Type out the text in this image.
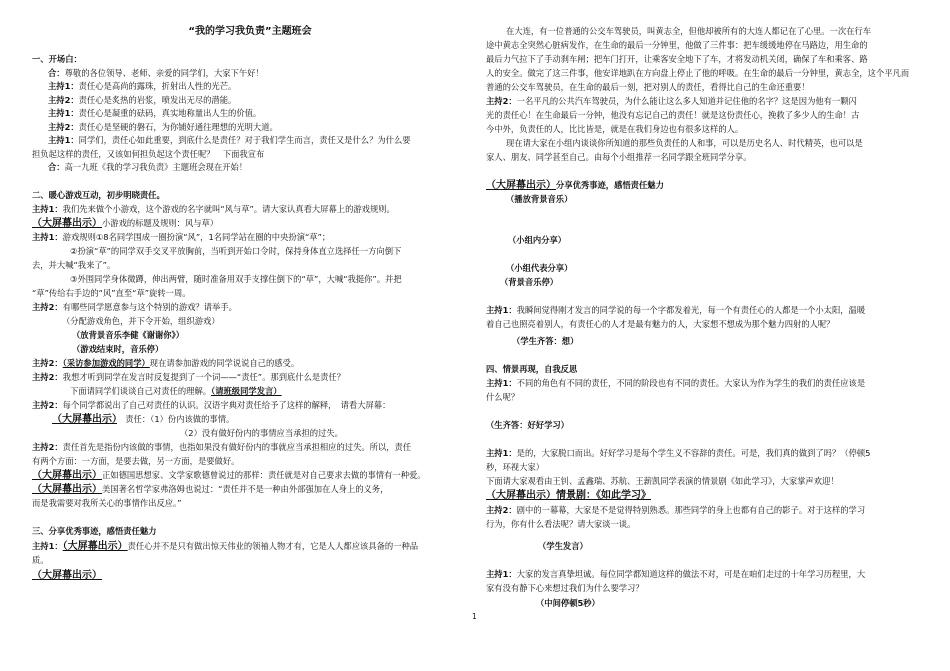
“我的学习我负责”主题班会
一、开场白：
合：尊敬的各位领导、老师、亲爱的同学们，大家下午好！
主持1：责任心是高尚的露珠，折射出人性的光芒。
主持2：责任心是炙热的岩浆，喷发出无尽的潜能。
主持1：责任心是凝重的砝码，真实地称量出人生的价值。
主持2：责任心是坚硬的磐石，为你铺好通往理想的光明大道。
主持1：同学们，责任心如此重要，到底什么是责任？对于我们学生而言，责任又是什么？为什么要
担负起这样的责任，又该如何担负起这个责任呢？　下面我宣布
合：高一九班《我的学习我负责》主题班会现在开始！
二、暖心游戏互动，初步明晓责任。
主持1：我们先来做个小游戏，这个游戏的名字就叫“风与草”。请大家认真看大屏幕上的游戏规则。
（大屏幕出示）小游戏的标题及规则：风与草）
主持1：游戏规则①8名同学围成一圈扮演“风”，1名同学站在圈的中央扮演“草”；
②扮演“草”的同学双手交叉平放胸前，当听到开始口令时，保持身体直立选择任一方向倒下
去，并大喊“我来了”。
③外围同学身体微蹲，伸出两臂，随时准备用双手支撑住倒下的“草”，大喊“我挺你”。并把
“草”传给右手边的“风”直至“草”旋转一周。
主持2：有哪些同学愿意参与这个特别的游戏？请举手。
（分配游戏角色，并下令开始，组织游戏）
（放背景音乐李健《谢谢你》）
（游戏结束时，音乐停）
主持2：（采访参加游戏的同学）现在请参加游戏的同学说说自己的感受。
主持2：我想才听到同学在发言时反复提到了一个词——“责任”。那到底什么是责任？
下面请同学们谈谈自己对责任的理解。（请班级同学发言）
主持2：每个同学都说出了自己对责任的认识。汉语字典对责任给予了这样的解释，　请看大屏幕：
（大屏幕出示）　责任：（1）份内该做的事情。
（2）没有做好份内的事情应当承担的过失。
主持2：责任首先是指份内该做的事情，也指如果没有做好份内的事就应当承担相应的过失。所以，责任
有两个方面：一方面，是要去做，另一方面，是要做好。
（大屏幕出示）正如德国思想家、文学家歌德曾说过的那样：责任就是对自己要求去做的事情有一种爱。
（大屏幕出示）美国著名哲学家弗洛姆也说过：“责任并不是一种由外部强加在人身上的义务，
而是我需要对我所关心的事情作出反应。”
三、分享优秀事迹，感悟责任魅力
主持1：（大屏幕出示）责任心并不是只有做出惊天伟业的领袖人物才有，它是人人都应该具备的一种品
质。
（大屏幕出示）
在大连，有一位普通的公交车驾驶员，叫黄志全，但他却被所有的大连人都记在了心里。一次在行车
途中黄志全突然心脏病发作，在生命的最后一分钟里，他做了三件事：把车缓缓地停在马路边，用生命的
最后力气拉下了手动刹车闸；把车门打开，让乘客安全地下了车，才将发动机关闭，确保了车和乘客、路
人的安全。做完了这三件事，他安详地趴在方向盘上停止了他的呼吸。在生命的最后一分钟里，黄志全，这个平凡而
普通的公交车驾驶员，在生命的最后一刻，把对别人的责任，看得比自己的生命还重要！
主持2：一名平凡的公共汽车驾驶员，为什么能让这么多人知道并记住他的名字？这是因为他有一颗闪
光的责任心！在生命最后一分钟，他没有忘记自己的责任！就是这份责任心，挽救了多少人的生命！古
今中外，负责任的人，比比皆是，就是在我们身边也有很多这样的人。
现在请大家在小组内谈谈你所知道的那些负责任的人和事，可以是历史名人、时代精英，也可以是
家人、朋友、同学甚至自己。由每个小组推荐一名同学跟全班同学分享。
（大屏幕出示）分享优秀事迹，感悟责任魅力
（播放背景音乐）
（小组内分享）
（小组代表分享）
（背景音乐停）
主持1：我瞬间觉得刚才发言的同学说的每一个字都发着光，每一个有责任心的人都是一个小太阳，温暖
着自己也照亮着别人，有责任心的人才是最有魅力的人，大家想不想成为那个魅力四射的人呢？
（学生齐答：想）
四、情景再现，自我反思
主持1：不同的角色有不同的责任，不同的阶段也有不同的责任。大家认为作为学生的我们的责任应该是
什么呢？
（生齐答：好好学习）
主持1：是的，大家脱口而出。好好学习是每个学生义不容辞的责任。可是，我们真的做到了吗？（停顿5
秒，环视大家）
下面请大家观看由王钊、孟鑫瑞、苏航、王薪凯同学表演的情景剧《如此学习》，大家掌声欢迎！
（大屏幕出示）情景剧：《如此学习》
主持2：剧中的一幕幕，大家是不是觉得特别熟悉。那些同学的身上也都有自己的影子。对于这样的学习
行为，你有什么看法呢？请大家谈一谈。
（学生发言）
主持1：大家的发言真挚坦诚。每位同学都知道这样的做法不对，可是在咱们走过的十年学习历程里，大
家有没有静下心来想过我们为什么要学习？
（中间停顿5秒）
1
